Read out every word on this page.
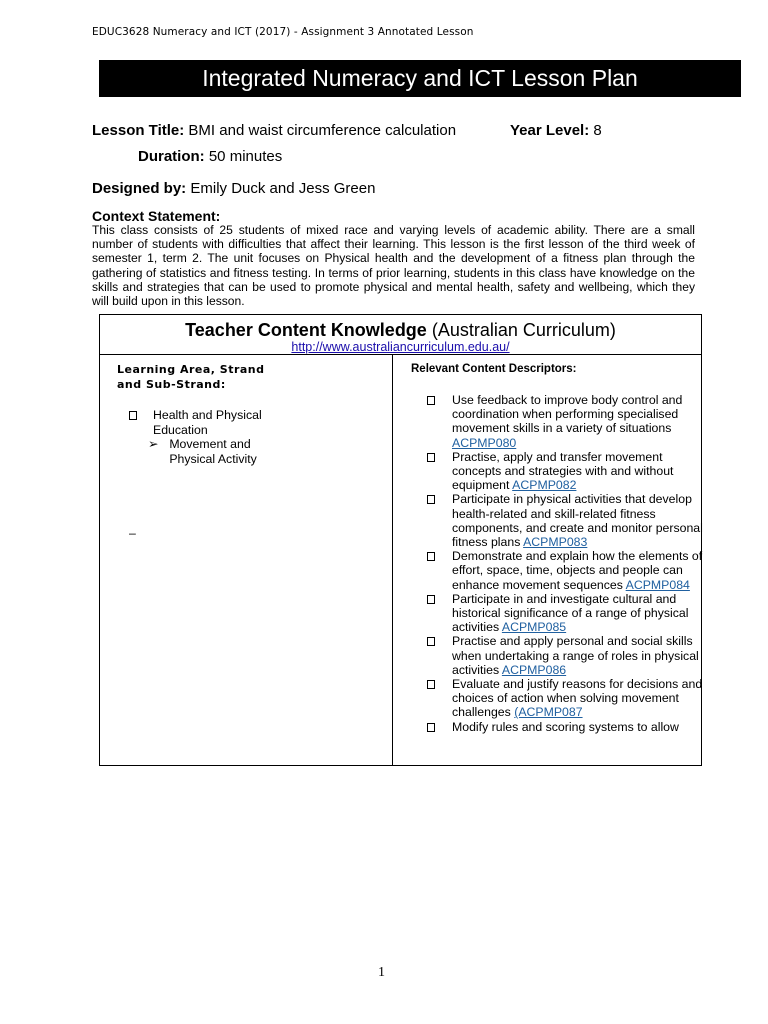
EDUC3628 Numeracy and ICT (2017) - Assignment 3 Annotated Lesson
Integrated Numeracy and ICT Lesson Plan
Lesson Title: BMI and waist circumference calculation	Year Level: 8
Duration: 50 minutes
Designed by: Emily Duck and Jess Green
Context Statement:
This class consists of 25 students of mixed race and varying levels of academic ability. There are a small number of students with difficulties that affect their learning. This lesson is the first lesson of the third week of semester 1, term 2. The unit focuses on Physical health and the development of a fitness plan through the gathering of statistics and fitness testing. In terms of prior learning, students in this class have knowledge on the skills and strategies that can be used to promote physical and mental health, safety and wellbeing, which they will build upon in this lesson.
Teacher Content Knowledge (Australian Curriculum)
http://www.australiancurriculum.edu.au/
Learning Area, Strand
and Sub-Strand:
Health and Physical
Education
➢ Movement and
Physical Activity
–
Relevant Content Descriptors:
Use feedback to improve body control and coordination when performing specialised movement skills in a variety of situations ACPMP080
Practise, apply and transfer movement concepts and strategies with and without equipment ACPMP082
Participate in physical activities that develop health-related and skill-related fitness components, and create and monitor personal fitness plans ACPMP083
Demonstrate and explain how the elements of effort, space, time, objects and people can enhance movement sequences ACPMP084
Participate in and investigate cultural and historical significance of a range of physical activities ACPMP085
Practise and apply personal and social skills when undertaking a range of roles in physical activities ACPMP086
Evaluate and justify reasons for decisions and choices of action when solving movement challenges (ACPMP087
Modify rules and scoring systems to allow
1
